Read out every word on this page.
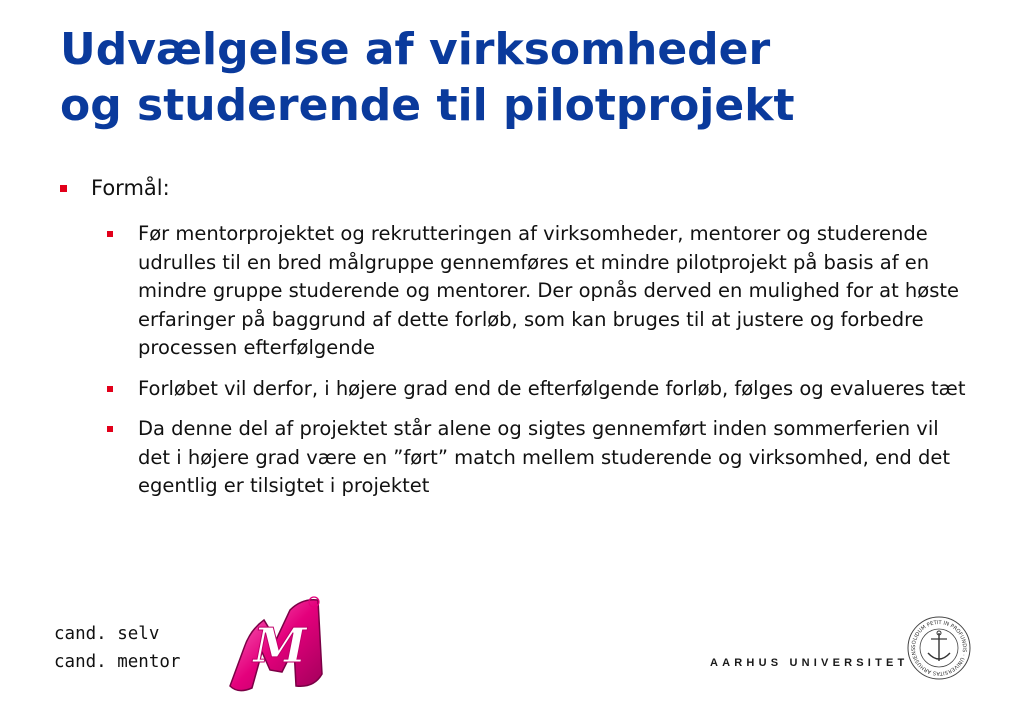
Udvælgelse af virksomheder
og studerende til pilotprojekt
Formål:
Før mentorprojektet og rekrutteringen af virksomheder, mentorer og studerende udrulles til en bred målgruppe gennemføres et mindre pilotprojekt på basis af en mindre gruppe studerende og mentorer. Der opnås derved en mulighed for at høste erfaringer på baggrund af dette forløb, som kan bruges til at justere og forbedre processen efterfølgende
Forløbet vil derfor, i højere grad end de efterfølgende forløb, følges og evalueres tæt
Da denne del af projektet står alene og sigtes gennemført inden sommerferien vil det i højere grad være en ”ført” match mellem studerende og virksomhed, end det egentlig er tilsigtet i projektet
cand. selv
cand. mentor M	SOLIDUM PETIT IN PROFUNDIS · UNIVERSITAS ARHUSIENS
AARHUS UNIVERSITET
